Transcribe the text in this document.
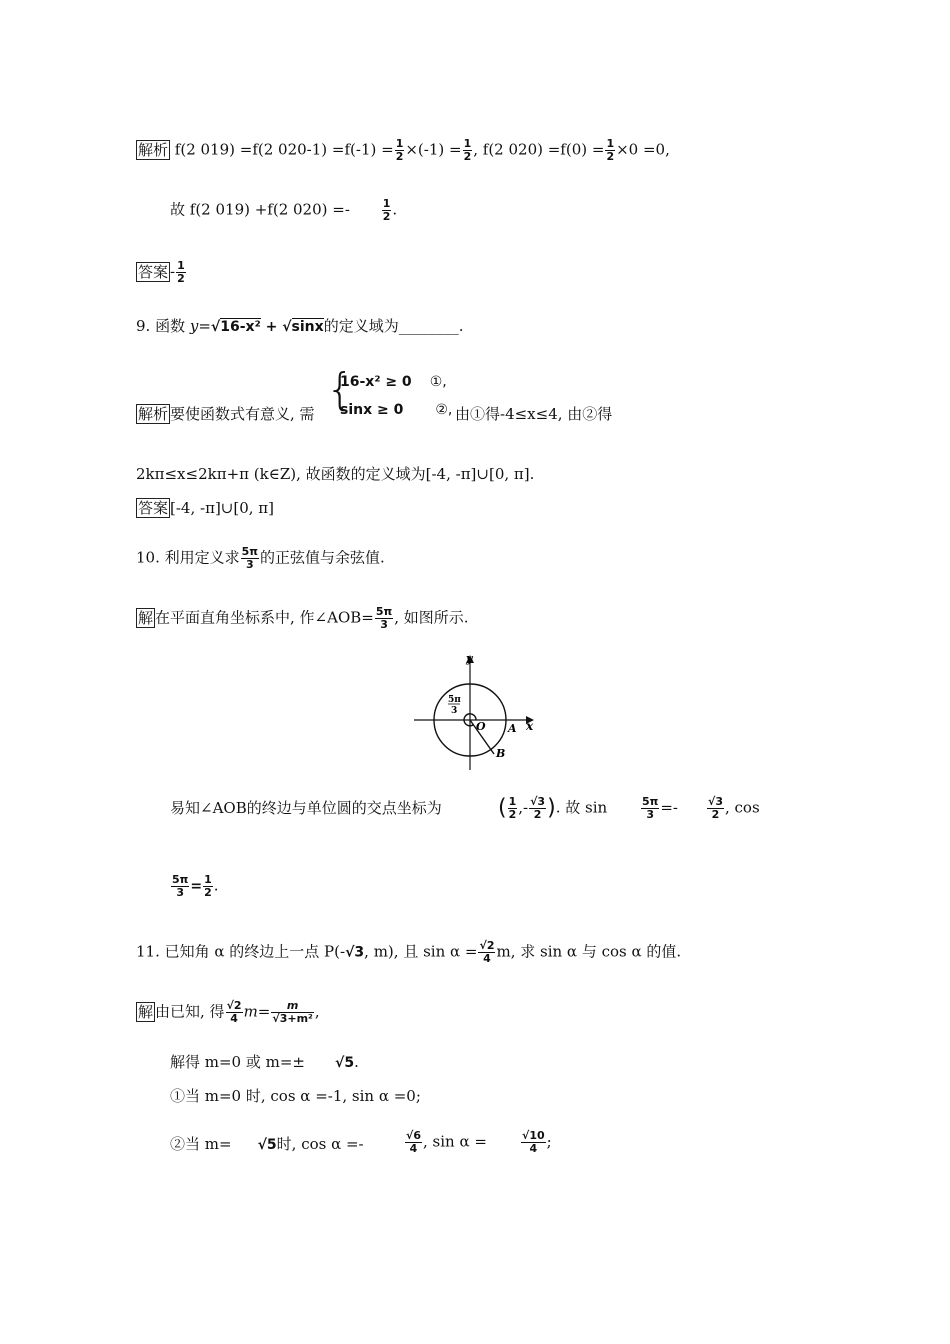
解析 f(2 019) =f(2 $020-1) =f(-1) = \frac{1}{2} \times(-1) = \frac{1}{2}$ , f(2 $020) =f(0) = \frac{1}{2} \times 0 =0$,
故 f(2 019) +f(2 020) =-	$\frac{1}{2}$ .
答案 - $\frac{1}{2}$
9. 函数 y=√16-x² + √sinx的定义域为________.
{
16-x² ≥ 0 ①,
sinx ≥ 0 ②,
解析 要使函数式有意义, 需	由①得-4≤x≤4, 由②得
2kπ≤x≤2kπ+π (k∈Z), 故函数的定义域为[-4, -π]∪[0, π].
答案 [-4, -π]∪[0, π]
10. 利用定义求 $\frac{5\pi}{3}$ 的正弦值与余弦值.
解 在平面直角坐标系中, 作∠AOB= $\frac{5\pi}{3}$ , 如图所示.
y
x
O A
B
5π
3
易知∠AOB的终边与单位圆的交点坐标为	( $\frac{1}{2}$ ,- $\frac{√3}{2}$ ). 故 sin	$\frac{5\pi}{3}$ =-	$\frac{√3}{2}$ , cos
$\frac{5\pi}{3} = \frac{1}{2}$ .
11. 已知角 α 的终边上一点 P(-√3, m), 且 $\sin \alpha = \frac{√2}{4} m$, 求 sin α 与 cos α 的值.
解 由已知, 得 $\frac{√2}{4} m= \frac{m}{\text{√3+m²}}$ ,
解得 m=0 或 m=± √5.
①当 m=0 时, cos α =-1, sin α =0;
②当 m= √5时, cos α =-	$\frac{√6}{4}$ , sin α =	$\frac{√10}{4}$ ;
